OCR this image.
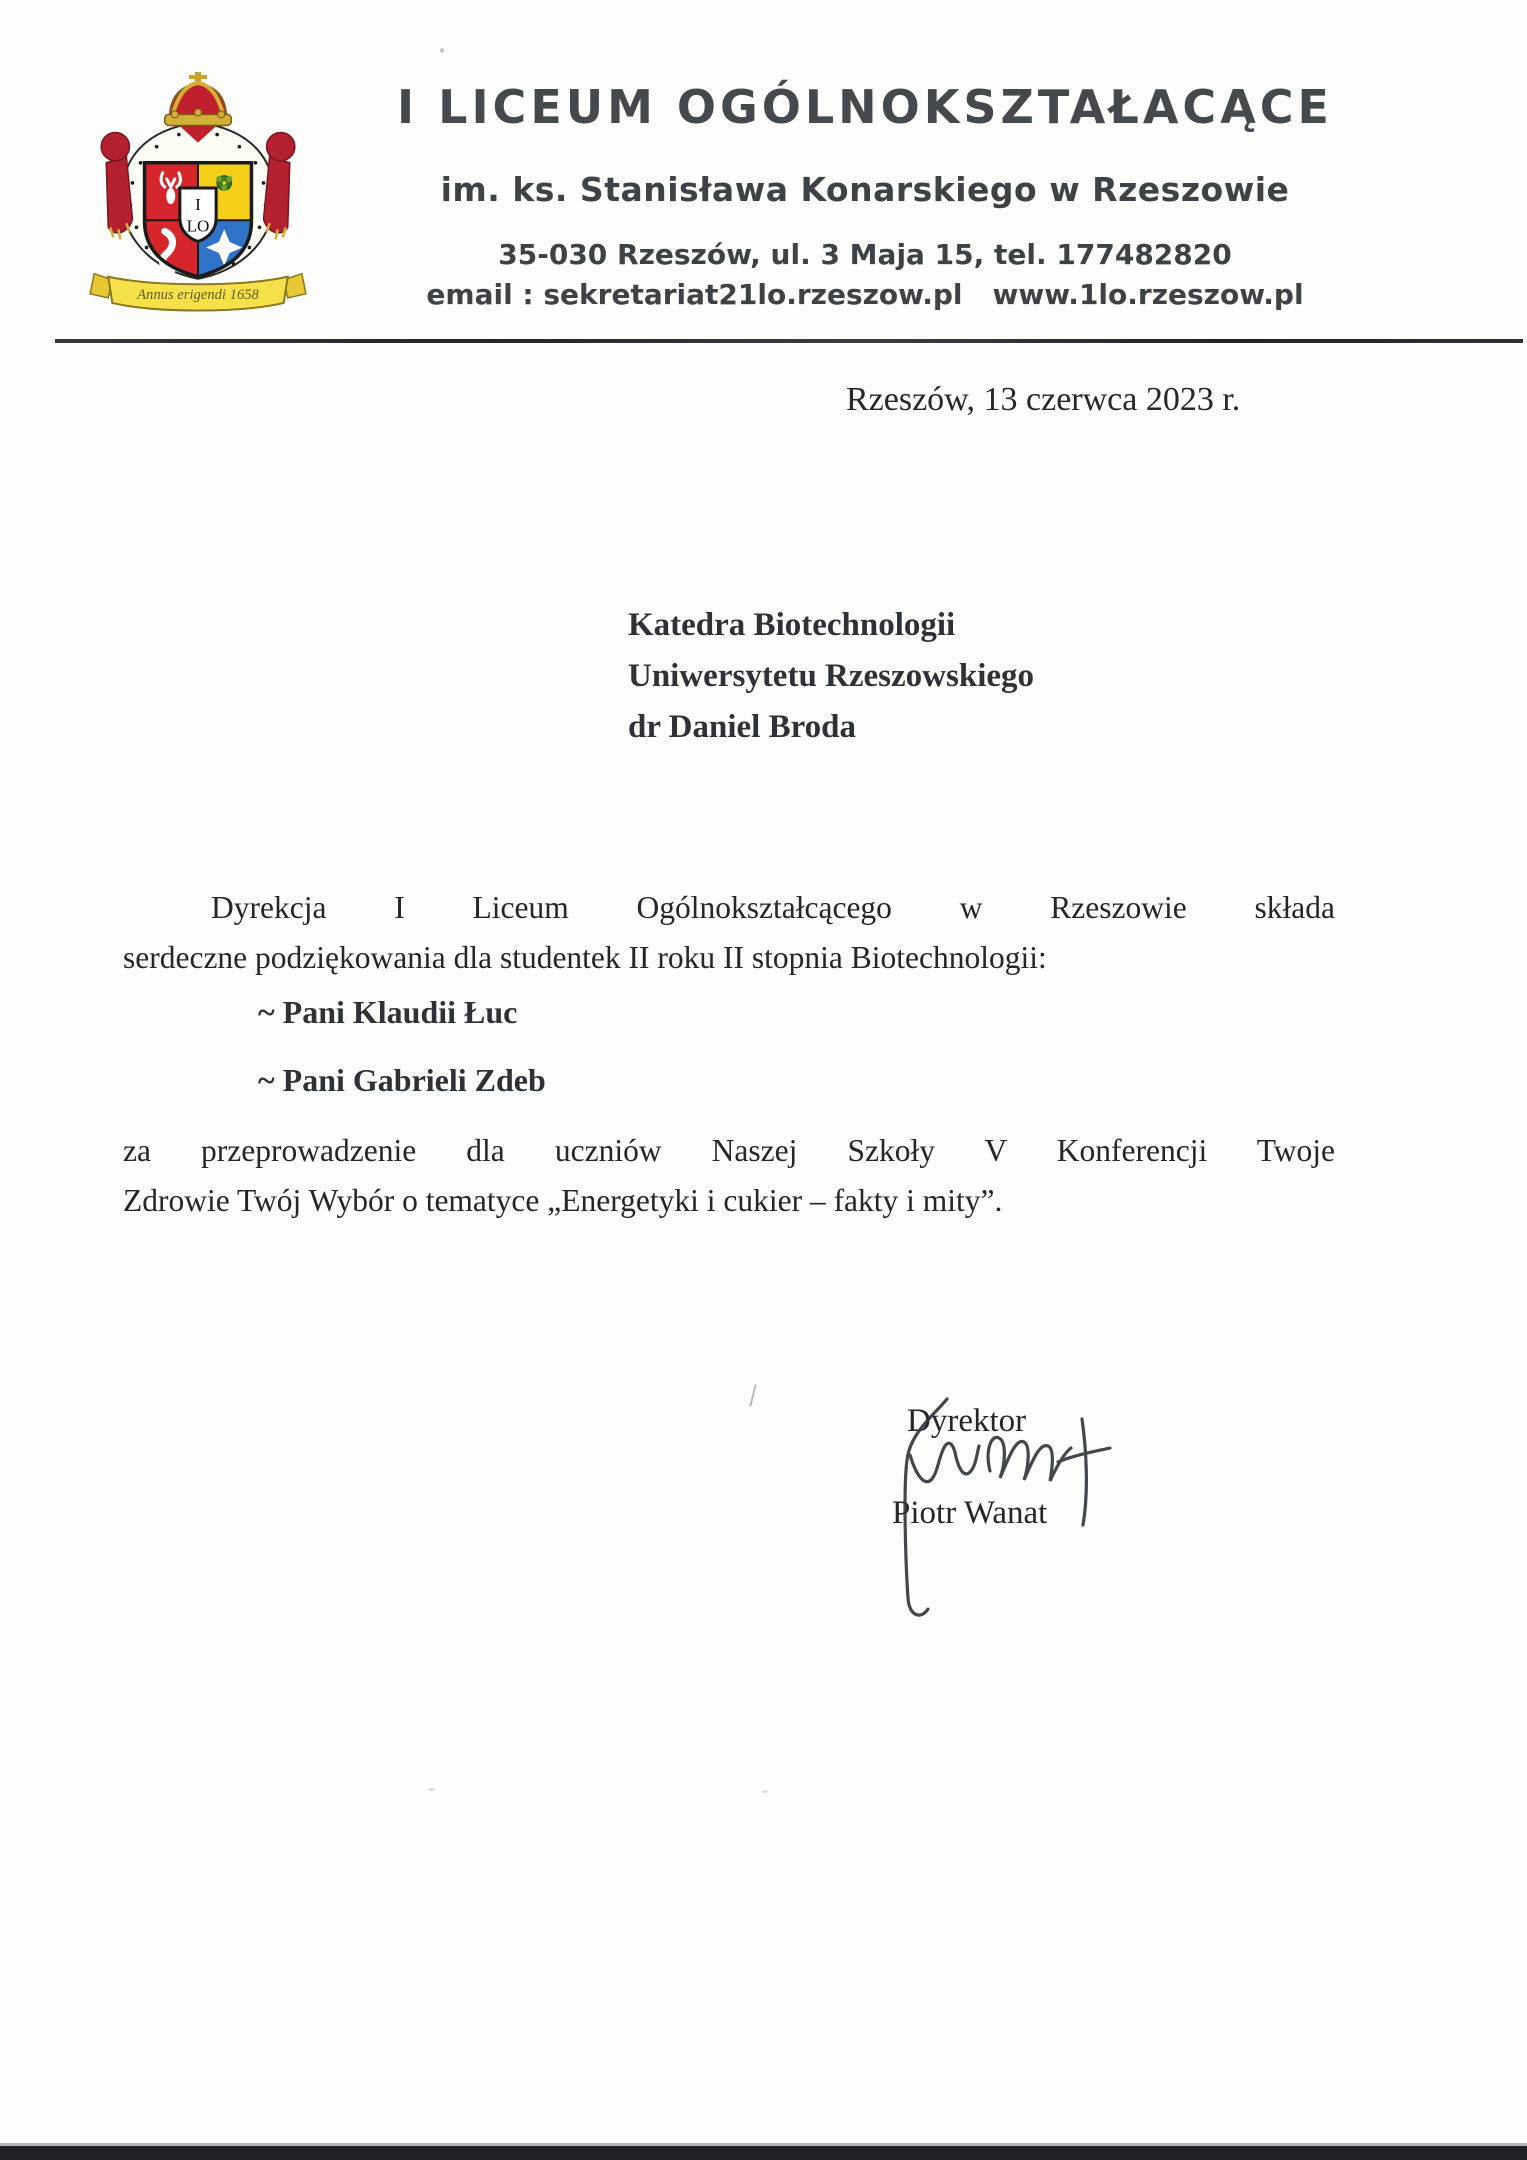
I
LO
Annus erigendi 1658
I LICEUM OGÓLNOKSZTAŁACĄCE
im. ks. Stanisława Konarskiego w Rzeszowie
35-030 Rzeszów, ul. 3 Maja 15, tel. 177482820
email : sekretariat21lo.rzeszow.pl www.1lo.rzeszow.pl
Rzeszów, 13 czerwca 2023 r.
Katedra Biotechnologii
Uniwersytetu Rzeszowskiego
dr Daniel Broda
Dyrekcja I Liceum Ogólnokształcącego w Rzeszowie składa
serdeczne podziękowania dla studentek II roku II stopnia Biotechnologii:
~ Pani Klaudii Łuc
~ Pani Gabrieli Zdeb
za przeprowadzenie dla uczniów Naszej Szkoły V Konferencji Twoje
Zdrowie Twój Wybór o tematyce „Energetyki i cukier – fakty i mity”.
Dyrektor
Piotr Wanat
